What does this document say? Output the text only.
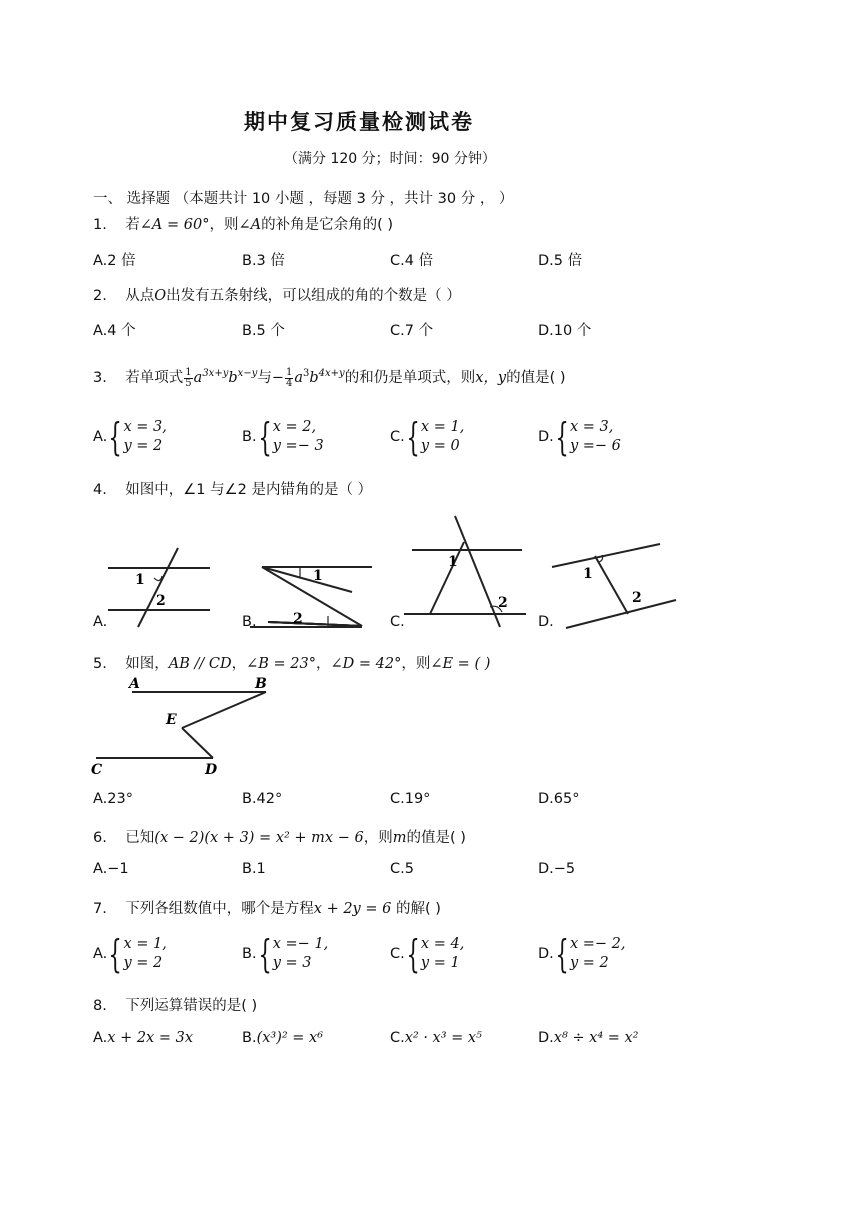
期中复习质量检测试卷
（满分 120 分；时间：90 分钟）
一、 选择题 （本题共计 10 小题 ，每题 3 分 ，共计 30 分 ， ）
1. 若∠A = 60°，则∠A的补角是它余角的( )
A.2 倍	B.3 倍	C.4 倍	D.5 倍
2. 从点O出发有五条射线，可以组成的角的个数是（ ）
A.4 个	B.5 个	C.7 个	D.10 个
3. 若单项式 $\frac{1}{5} a^{3x+y}b^{x-y}$与− $\frac{1}{4} a^3b^{4x+y}$的和仍是单项式，则x，y的值是( )
A. { x = 3,
y = 2
B. { x = 2,
y =− 3
C. { x = 1,
y = 0
D. { x = 3,
y =− 6
4. 如图中，∠1 与∠2 是内错角的是（ ）
1
2
1
2
1
2
1
2
A.	B.	C.	D.
5. 如图，AB // CD，∠B = 23°，∠D = 42°，则∠E = ( )
A	B
E
C	D
A.23°	B.42°	C.19°	D.65°
6. 已知(x − 2)(x + 3) = x² + mx − 6，则m的值是( )
A.−1	B.1	C.5	D.−5
7. 下列各组数值中，哪个是方程x + 2y = 6 的解( )
A. { x = 1,
y = 2
B. { x =− 1,
y = 3
C. { x = 4,
y = 1
D. { x =− 2,
y = 2
8. 下列运算错误的是( )
A.x + 2x = 3x	B.(x³)² = x⁶	C.x² · x³ = x⁵	D.x⁸ ÷ x⁴ = x²
